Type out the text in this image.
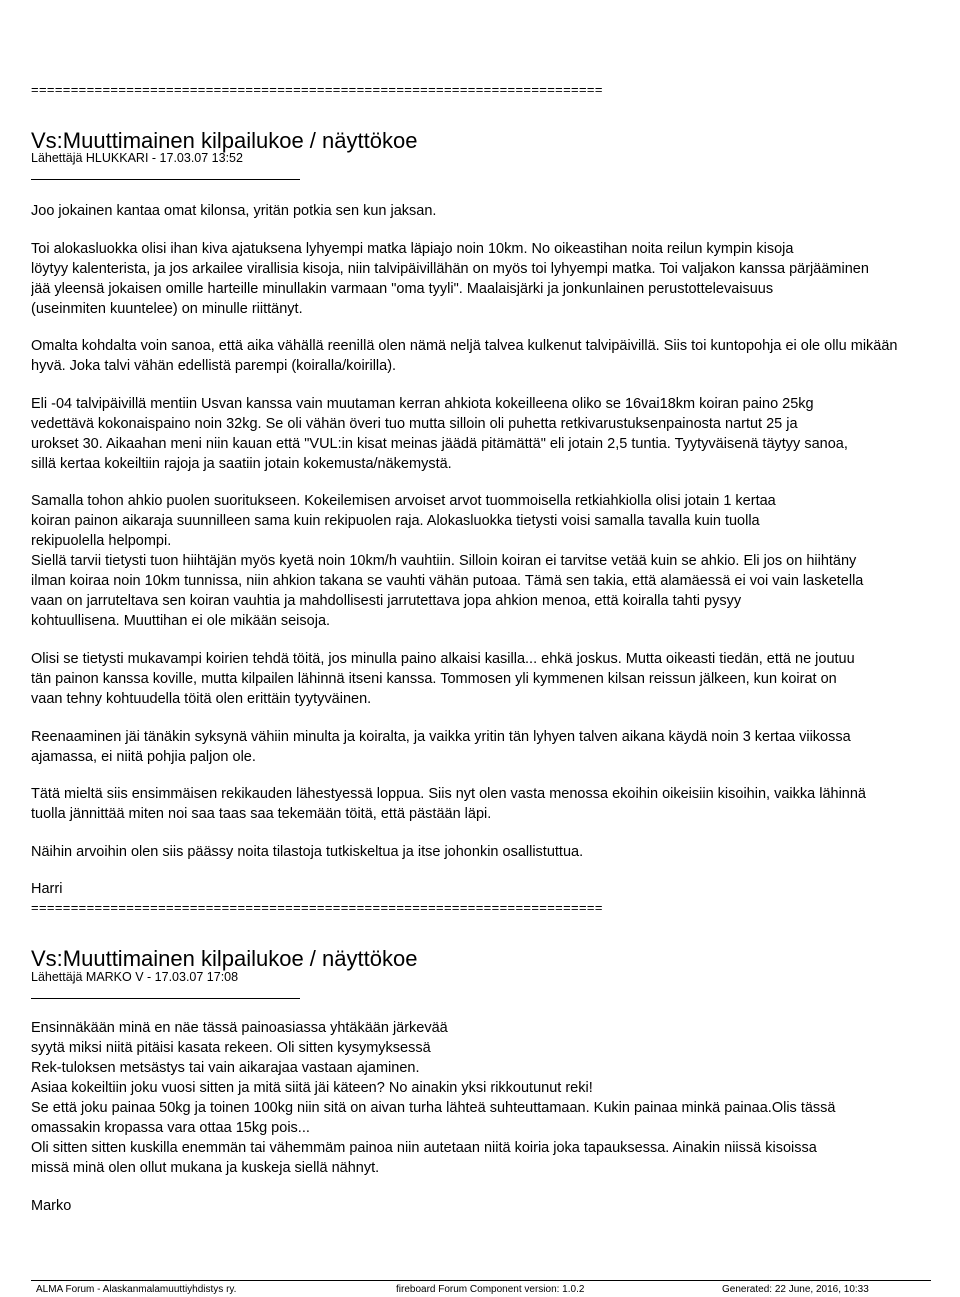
========================================================================
Vs:Muuttimainen kilpailukoe / näyttökoe
Lähettäjä HLUKKARI - 17.03.07 13:52
Joo jokainen kantaa omat kilonsa, yritän potkia sen kun jaksan.
Toi alokasluokka olisi ihan kiva ajatuksena lyhyempi matka läpiajo noin 10km. No oikeastihan noita reilun kympin kisoja
löytyy kalenterista, ja jos arkailee virallisia kisoja, niin talvipäivillähän on myös toi lyhyempi matka. Toi valjakon kanssa pärjääminen
jää yleensä jokaisen omille harteille minullakin varmaan "oma tyyli". Maalaisjärki ja jonkunlainen perustottelevaisuus
(useinmiten kuuntelee) on minulle riittänyt.
Omalta kohdalta voin sanoa, että aika vähällä reenillä olen nämä neljä talvea kulkenut talvipäivillä. Siis toi kuntopohja ei ole ollu mikään
hyvä. Joka talvi vähän edellistä parempi (koiralla/koirilla).
Eli -04 talvipäivillä mentiin Usvan kanssa vain muutaman kerran ahkiota kokeilleena oliko se 16vai18km koiran paino 25kg
vedettävä kokonaispaino noin 32kg. Se oli vähän överi tuo mutta silloin oli puhetta retkivarustuksenpainosta nartut 25 ja
urokset 30. Aikaahan meni niin kauan että "VUL:in kisat meinas jäädä pitämättä" eli jotain 2,5 tuntia. Tyytyväisenä täytyy sanoa,
sillä kertaa kokeiltiin rajoja ja saatiin jotain kokemusta/näkemystä.
Samalla tohon ahkio puolen suoritukseen. Kokeilemisen arvoiset arvot tuommoisella retkiahkiolla olisi jotain 1 kertaa
koiran painon aikaraja suunnilleen sama kuin rekipuolen raja. Alokasluokka tietysti voisi samalla tavalla kuin tuolla
rekipuolella helpompi.
Siellä tarvii tietysti tuon hiihtäjän myös kyetä noin 10km/h vauhtiin. Silloin koiran ei tarvitse vetää kuin se ahkio. Eli jos on hiihtäny
ilman koiraa noin 10km tunnissa, niin ahkion takana se vauhti vähän putoaa. Tämä sen takia, että alamäessä ei voi vain lasketella
vaan on jarruteltava sen koiran vauhtia ja mahdollisesti jarrutettava jopa ahkion menoa, että koiralla tahti pysyy
kohtuullisena. Muuttihan ei ole mikään seisoja.
Olisi se tietysti mukavampi koirien tehdä töitä, jos minulla paino alkaisi kasilla... ehkä joskus. Mutta oikeasti tiedän, että ne joutuu
tän painon kanssa koville, mutta kilpailen lähinnä itseni kanssa. Tommosen yli kymmenen kilsan reissun jälkeen, kun koirat on
vaan tehny kohtuudella töitä olen erittäin tyytyväinen.
Reenaaminen jäi tänäkin syksynä vähiin minulta ja koiralta, ja vaikka yritin tän lyhyen talven aikana käydä noin 3 kertaa viikossa
ajamassa, ei niitä pohjia paljon ole.
Tätä mieltä siis ensimmäisen rekikauden lähestyessä loppua. Siis nyt olen vasta menossa ekoihin oikeisiin kisoihin, vaikka lähinnä
tuolla jännittää miten noi saa taas saa tekemään töitä, että pästään läpi.
Näihin arvoihin olen siis päässy noita tilastoja tutkiskeltua ja itse johonkin osallistuttua.
Harri
========================================================================
Vs:Muuttimainen kilpailukoe / näyttökoe
Lähettäjä MARKO V - 17.03.07 17:08
Ensinnäkään minä en näe tässä painoasiassa yhtäkään järkevää
syytä miksi niitä pitäisi kasata rekeen. Oli sitten kysymyksessä
Rek-tuloksen metsästys tai vain aikarajaa vastaan ajaminen.
Asiaa kokeiltiin joku vuosi sitten ja mitä siitä jäi käteen? No ainakin yksi rikkoutunut reki!
Se että joku painaa 50kg ja toinen 100kg niin sitä on aivan turha lähteä suhteuttamaan. Kukin painaa minkä painaa.Olis tässä
omassakin kropassa vara ottaa 15kg pois...
Oli sitten sitten kuskilla enemmän tai vähemmäm painoa niin autetaan niitä koiria joka tapauksessa. Ainakin niissä kisoissa
missä minä olen ollut mukana ja kuskeja siellä nähnyt.
Marko
ALMA Forum - Alaskanmalamuuttiyhdistys ry.	fireboard Forum Component version: 1.0.2	Generated: 22 June, 2016, 10:33
